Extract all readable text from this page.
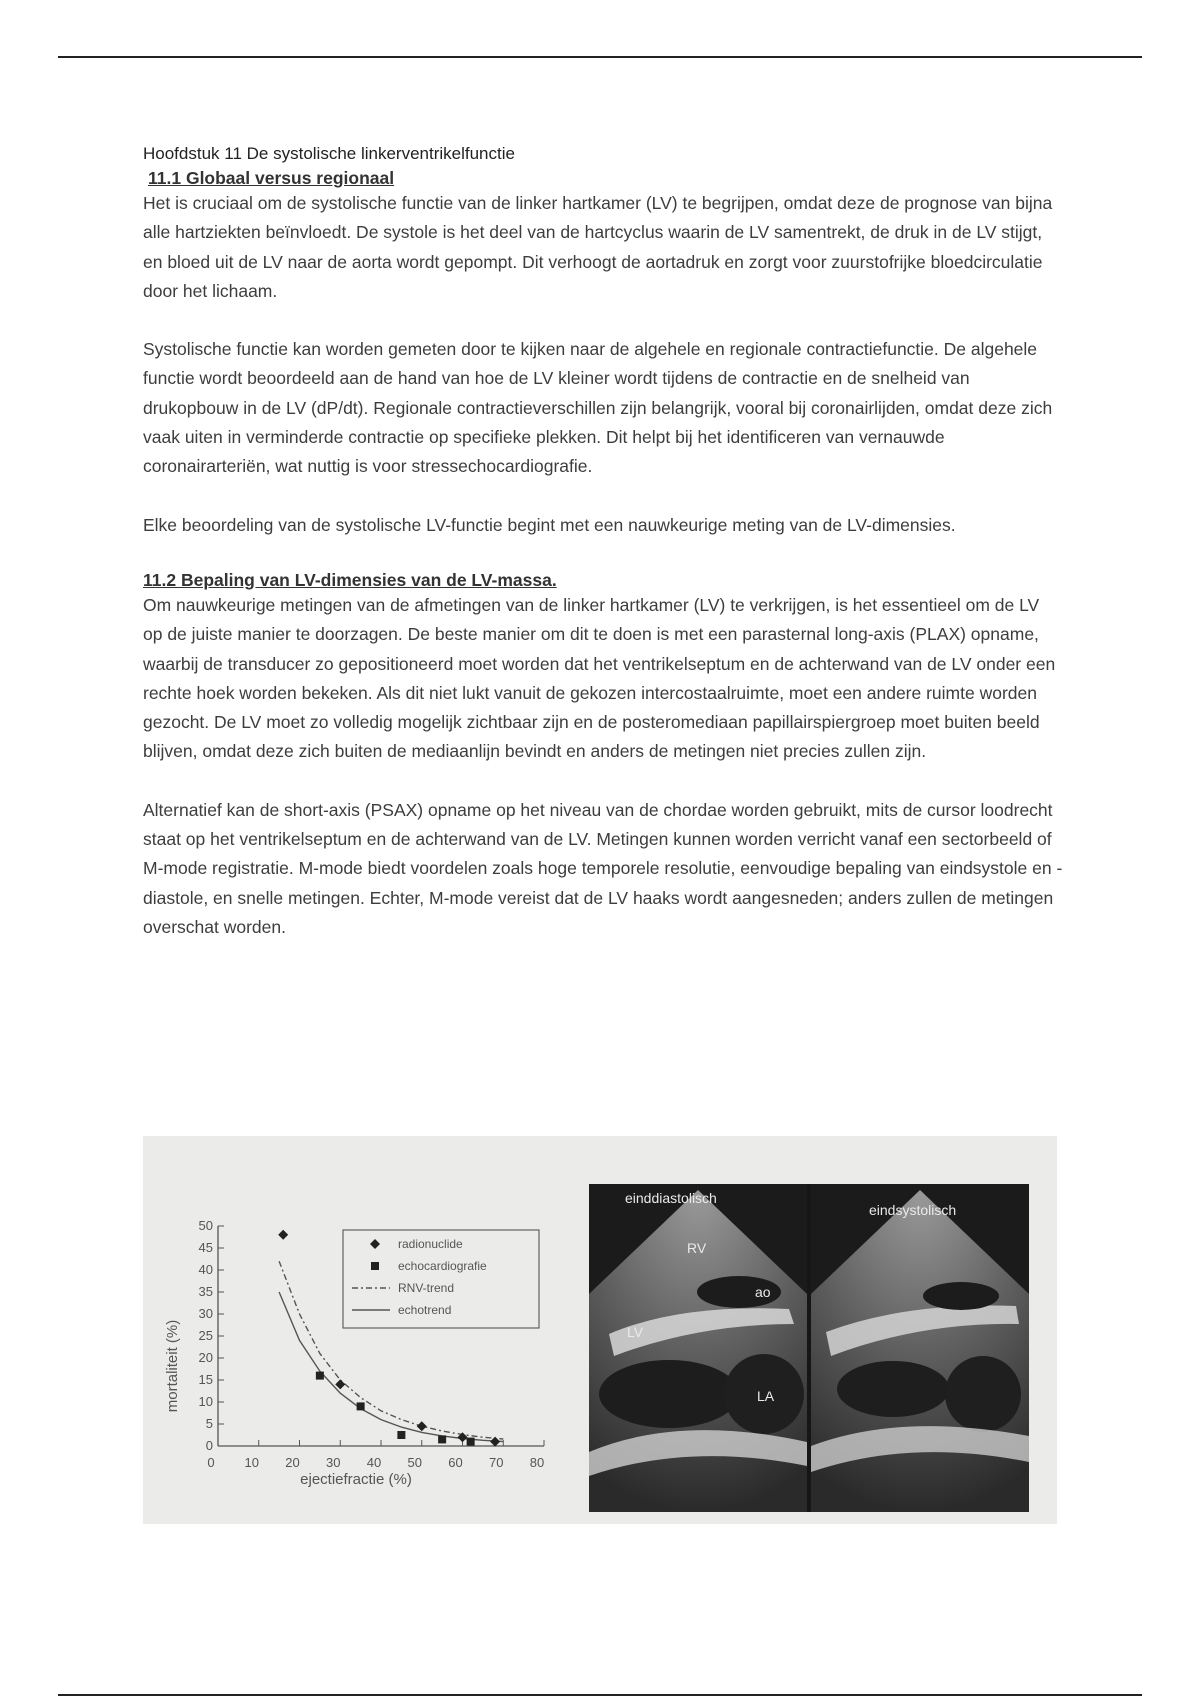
Hoofdstuk 11 De systolische linkerventrikelfunctie
11.1 Globaal versus regionaal

Het is cruciaal om de systolische functie van de linker hartkamer (LV) te begrijpen, omdat deze de prognose van bijna alle hartziekten beïnvloedt. De systole is het deel van de hartcyclus waarin de LV samentrekt, de druk in de LV stijgt, en bloed uit de LV naar de aorta wordt gepompt. Dit verhoogt de aortadruk en zorgt voor zuurstofrijke bloedcirculatie door het lichaam.

Systolische functie kan worden gemeten door te kijken naar de algehele en regionale contractiefunctie. De algehele functie wordt beoordeeld aan de hand van hoe de LV kleiner wordt tijdens de contractie en de snelheid van drukopbouw in de LV (dP/dt). Regionale contractieverschillen zijn belangrijk, vooral bij coronairlijden, omdat deze zich vaak uiten in verminderde contractie op specifieke plekken. Dit helpt bij het identificeren van vernauwde coronairarteriën, wat nuttig is voor stressechocardiografie.

Elke beoordeling van de systolische LV-functie begint met een nauwkeurige meting van de LV-dimensies.

11.2 Bepaling van LV-dimensies van de LV-massa.

Om nauwkeurige metingen van de afmetingen van de linker hartkamer (LV) te verkrijgen, is het essentieel om de LV op de juiste manier te doorzagen. De beste manier om dit te doen is met een parasternal long-axis (PLAX) opname, waarbij de transducer zo gepositioneerd moet worden dat het ventrikelseptum en de achterwand van de LV onder een rechte hoek worden bekeken. Als dit niet lukt vanuit de gekozen intercostaalruimte, moet een andere ruimte worden gezocht. De LV moet zo volledig mogelijk zichtbaar zijn en de posteromediaan papillairspiergroep moet buiten beeld blijven, omdat deze zich buiten de mediaanlijn bevindt en anders de metingen niet precies zullen zijn.

Alternatief kan de short-axis (PSAX) opname op het niveau van de chordae worden gebruikt, mits de cursor loodrecht staat op het ventrikelseptum en de achterwand van de LV. Metingen kunnen worden verricht vanaf een sectorbeeld of M-mode registratie. M-mode biedt voordelen zoals hoge temporele resolutie, eenvoudige bepaling van eindsystole en -diastole, en snelle metingen. Echter, M-mode vereist dat de LV haaks wordt aangesneden; anders zullen de metingen overschat worden.

mortaliteit (%)
ejectiefractie (%)
0 10 20 30 40 50 60 70 80
0
5
10
15
20
25
30
35
40
45
50
radionuclide
echocardiografie
RNV-trend
echotrend
einddiastolisch
RV
ao
LV
LA
eindsystolisch
